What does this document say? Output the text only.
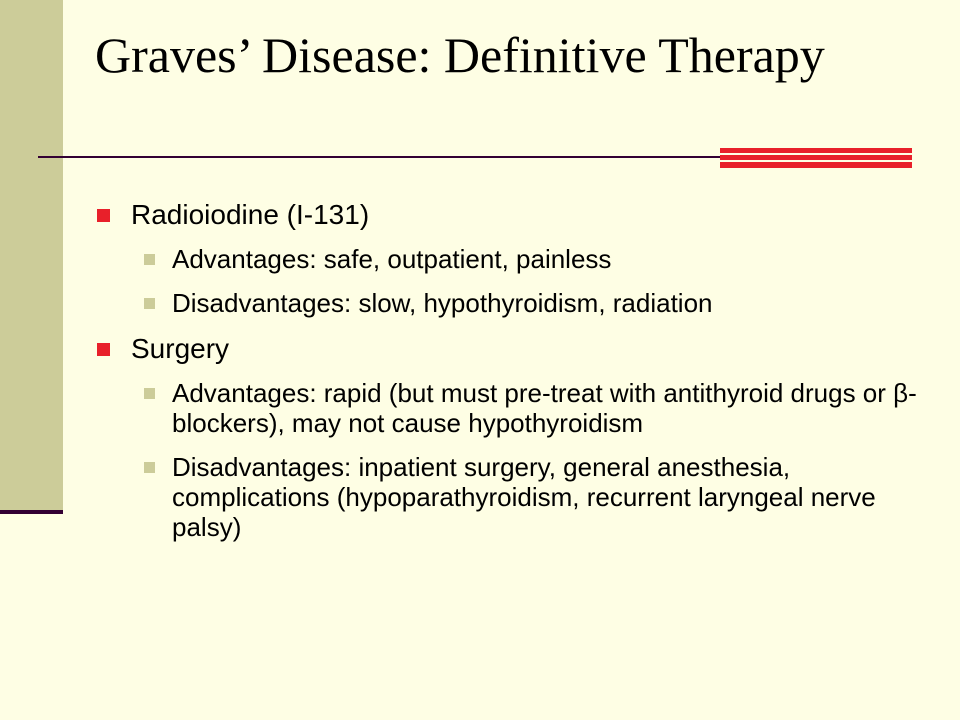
Graves’ Disease: Definitive Therapy
Radioiodine (I-131)
Advantages: safe, outpatient, painless
Disadvantages: slow, hypothyroidism, radiation
Surgery
Advantages: rapid (but must pre-treat with antithyroid drugs or β-blockers), may not cause hypothyroidism
Disadvantages: inpatient surgery, general anesthesia, complications (hypoparathyroidism, recurrent laryngeal nerve palsy)
